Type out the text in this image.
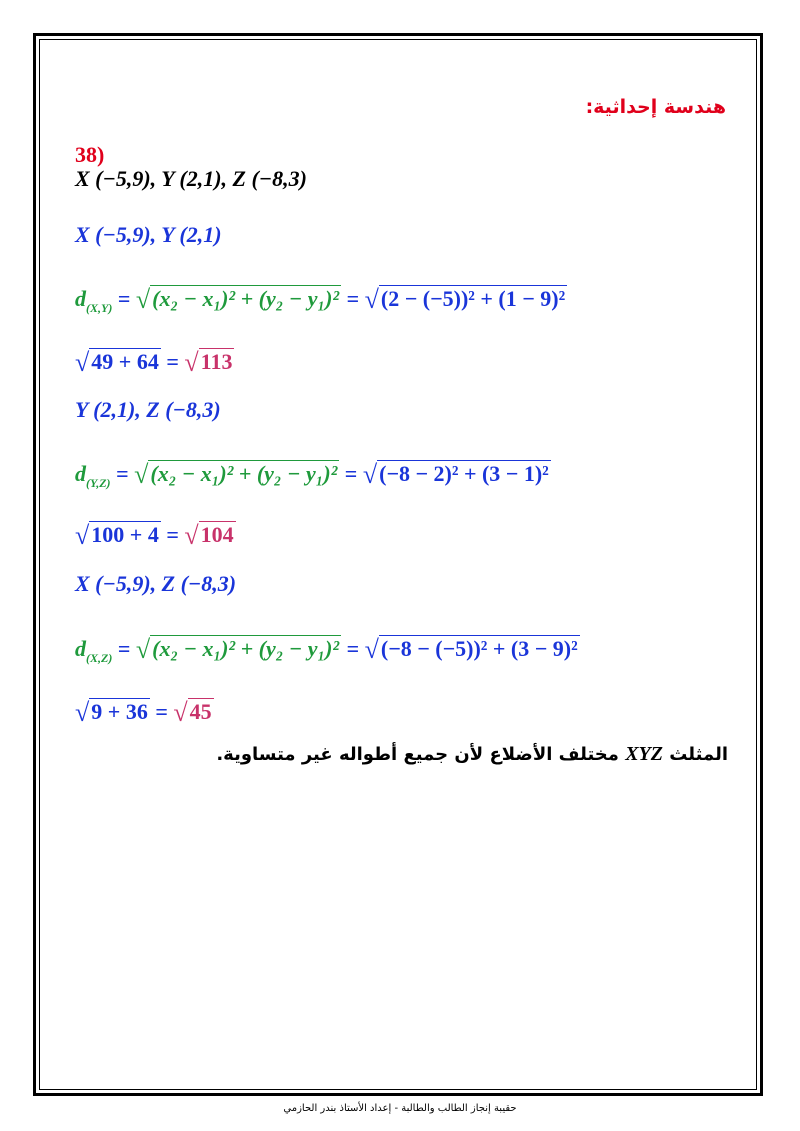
هندسة إحداثية:
38)
X (−5,9), Y (2,1), Z (−8,3)
X (−5,9), Y (2,1)
$d_{(X,Y)} = √(x_2 - x_1)^2 + (y_2 - y_1)^2 = √(2 - (-5))^2 + (1 - 9)^2$
√49 + 64 = √113
Y (2,1), Z (−8,3)
$d_{(Y,Z)} = √(x_2 - x_1)^2 + (y_2 - y_1)^2 = √(-8 - 2)^2 + (3 - 1)^2$
√100 + 4 = √104
X (−5,9), Z (−8,3)
$d_{(X,Z)} = √(x_2 - x_1)^2 + (y_2 - y_1)^2 = √(-8 - (-5))^2 + (3 - 9)^2$
√9 + 36 = √45
المثلث XYZ مختلف الأضلاع لأن جميع أطواله غير متساوية.
حقيبة إنجاز الطالب والطالبة - إعداد الأستاذ بندر الحازمي
